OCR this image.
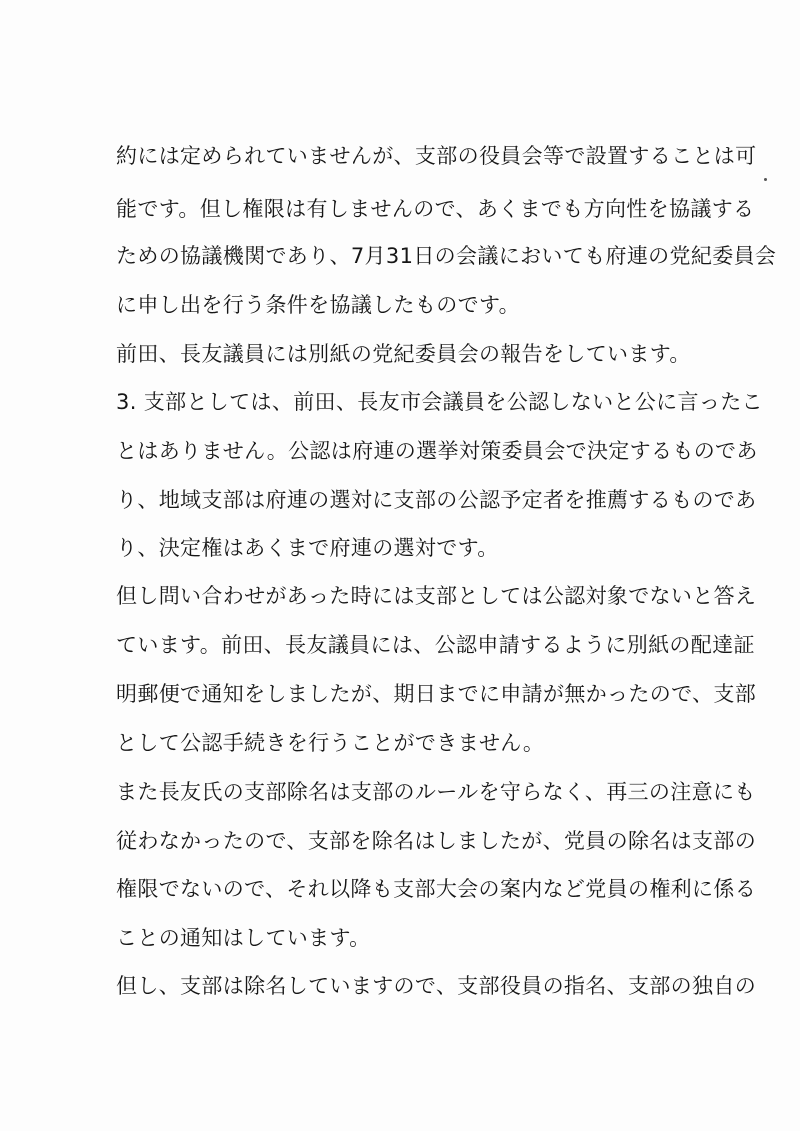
約には定められていませんが、支部の役員会等で設置することは可
能です。但し権限は有しませんので、あくまでも方向性を協議する
ための協議機関であり、7月31日の会議においても府連の党紀委員会
に申し出を行う条件を協議したものです。
前田、長友議員には別紙の党紀委員会の報告をしています。
3. 支部としては、前田、長友市会議員を公認しないと公に言ったこ
とはありません。公認は府連の選挙対策委員会で決定するものであ
り、地域支部は府連の選対に支部の公認予定者を推薦するものであ
り、決定権はあくまで府連の選対です。
但し問い合わせがあった時には支部としては公認対象でないと答え
ています。前田、長友議員には、公認申請するように別紙の配達証
明郵便で通知をしましたが、期日までに申請が無かったので、支部
として公認手続きを行うことができません。
また長友氏の支部除名は支部のルールを守らなく、再三の注意にも
従わなかったので、支部を除名はしましたが、党員の除名は支部の
権限でないので、それ以降も支部大会の案内など党員の権利に係る
ことの通知はしています。
但し、支部は除名していますので、支部役員の指名、支部の独自の
